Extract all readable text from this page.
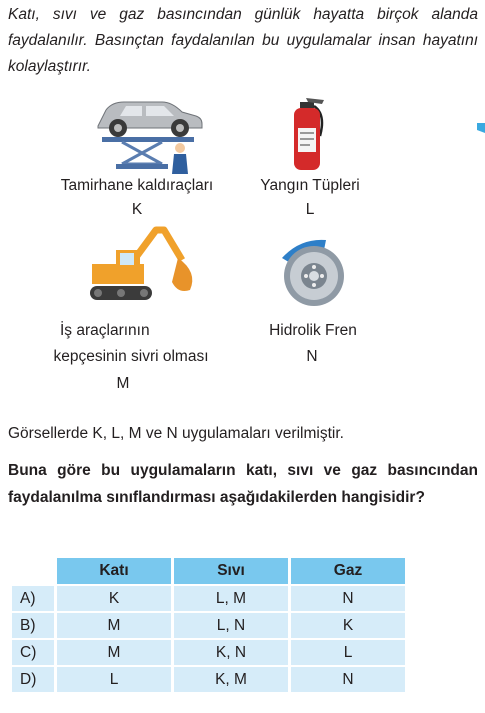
Katı, sıvı ve gaz basıncından günlük hayatta birçok alanda faydalanılır. Basınçtan faydalanılan bu uygulamalar insan hayatını kolaylaştırır.
Tamirhane kaldıraçları
K
Yangın Tüpleri
L
İş araçlarının
kepçesinin sivri olması
M
Hidrolik Fren
N
Görsellerde K, L, M ve N uygulamaları verilmiştir.
Buna göre bu uygulamaların katı, sıvı ve gaz basıncından faydalanılma sınıflandırması aşağıdakilerden hangisidir?
	Katı	Sıvı	Gaz
A)	K	L, M	N
B)	M	L, N	K
C)	M	K, N	L
D)	L	K, M	N
